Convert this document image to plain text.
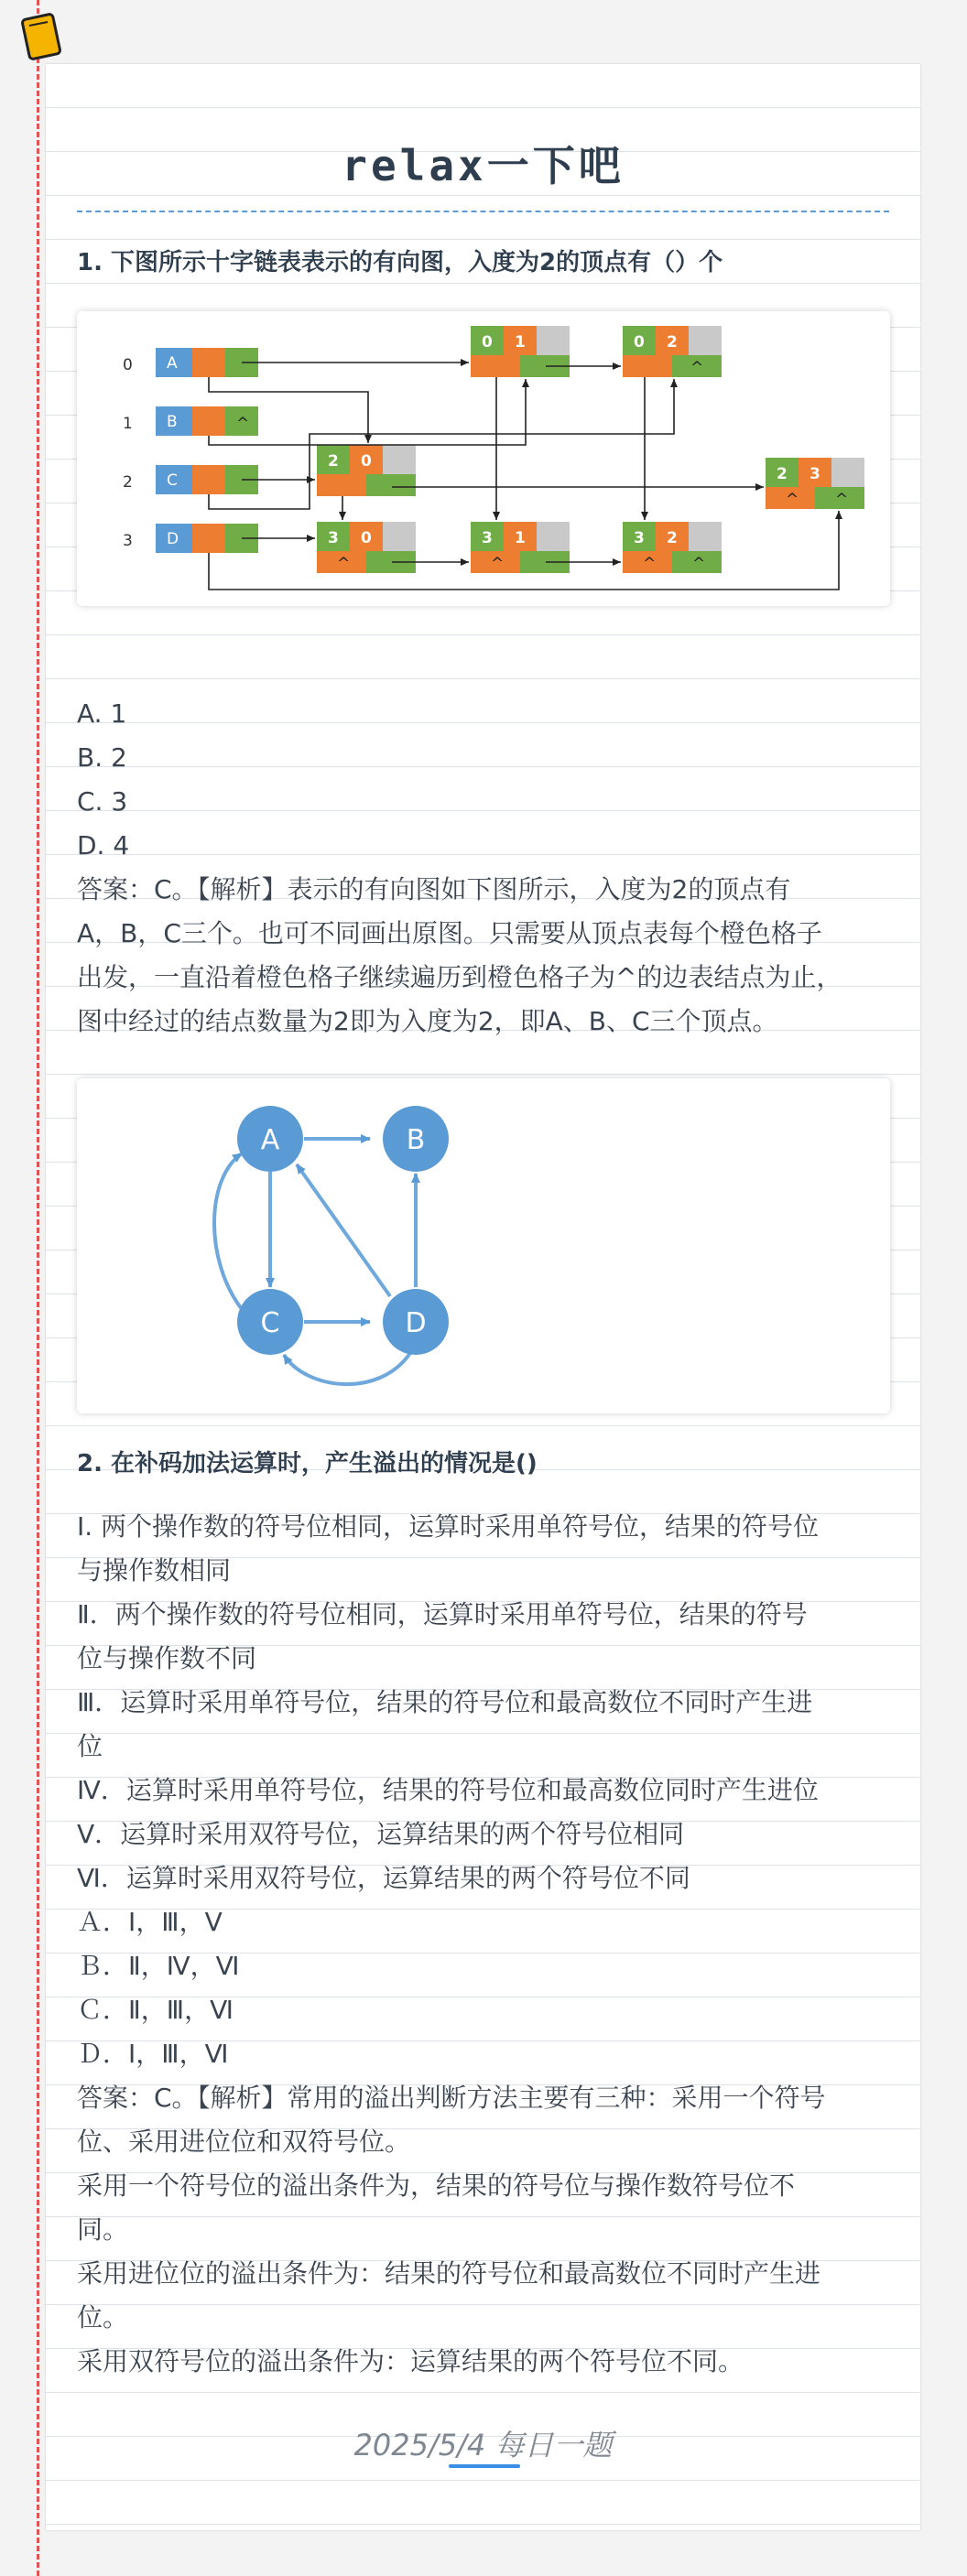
relax一下吧
1. 下图所示十字链表表示的有向图，入度为2的顶点有（）个
0
1
2
3
A
B	^
C
D
0 1	0 2
^
2 0
2 3
^ ^
3 0
^
3 1
^
3 2
^ ^
A. 1
B. 2
C. 3
D. 4
答案：C。【解析】表示的有向图如下图所示，入度为2的顶点有
A，B，C三个。也可不同画出原图。只需要从顶点表每个橙色格子
出发，一直沿着橙色格子继续遍历到橙色格子为^的边表结点为止，
图中经过的结点数量为2即为入度为2，即A、B、C三个顶点。
A	B
C	D
2. 在补码加法运算时，产生溢出的情况是()
Ⅰ. 两个操作数的符号位相同，运算时采用单符号位，结果的符号位
与操作数相同
Ⅱ．两个操作数的符号位相同，运算时采用单符号位，结果的符号
位与操作数不同
Ⅲ．运算时采用单符号位，结果的符号位和最高数位不同时产生进
位
Ⅳ．运算时采用单符号位，结果的符号位和最高数位同时产生进位
Ⅴ．运算时采用双符号位，运算结果的两个符号位相同
Ⅵ．运算时采用双符号位，运算结果的两个符号位不同
Ａ．Ⅰ，Ⅲ，Ⅴ
Ｂ．Ⅱ，Ⅳ，Ⅵ
Ｃ．Ⅱ，Ⅲ，Ⅵ
Ｄ．Ⅰ，Ⅲ，Ⅵ
答案：C。【解析】常用的溢出判断方法主要有三种：采用一个符号
位、采用进位位和双符号位。
采用一个符号位的溢出条件为，结果的符号位与操作数符号位不
同。
采用进位位的溢出条件为：结果的符号位和最高数位不同时产生进
位。
采用双符号位的溢出条件为：运算结果的两个符号位不同。
2025/5/4 每日一题
